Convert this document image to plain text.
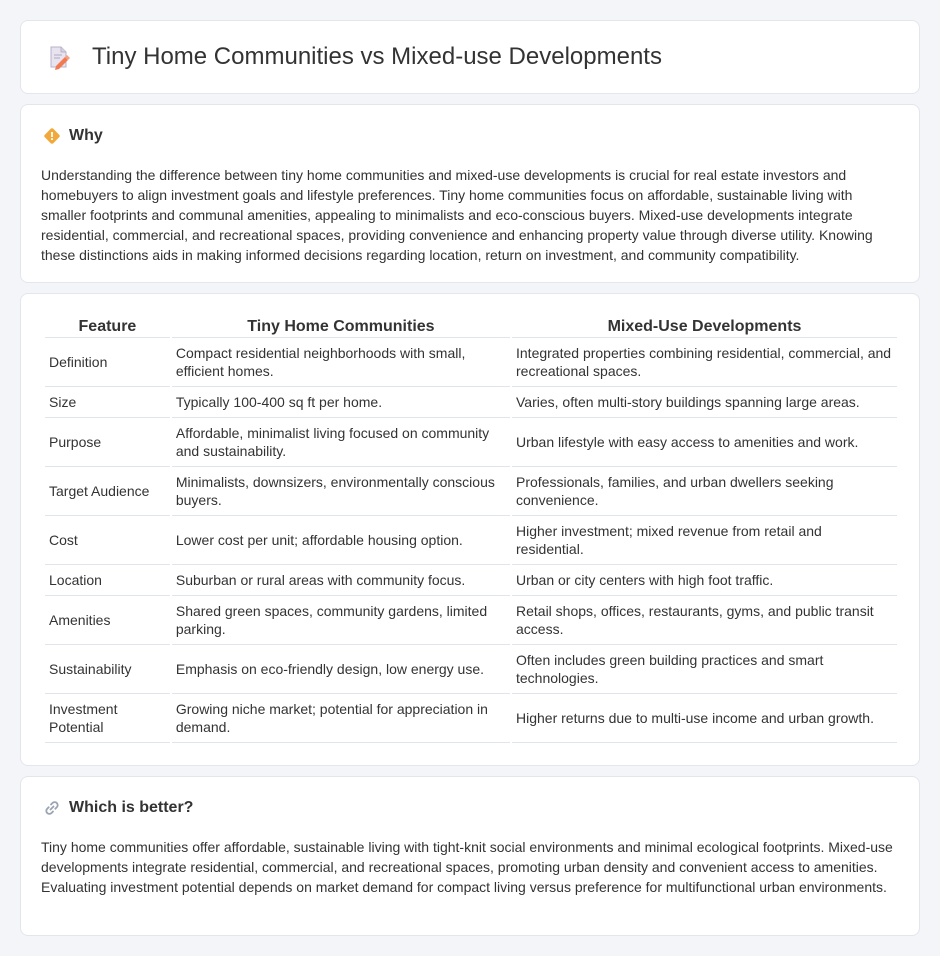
Tiny Home Communities vs Mixed-use Developments
Why

Understanding the difference between tiny home communities and mixed-use developments is crucial for real estate investors and homebuyers to align investment goals and lifestyle preferences. Tiny home communities focus on affordable, sustainable living with smaller footprints and communal amenities, appealing to minimalists and eco-conscious buyers. Mixed-use developments integrate residential, commercial, and recreational spaces, providing convenience and enhancing property value through diverse utility. Knowing these distinctions aids in making informed decisions regarding location, return on investment, and community compatibility.

Feature	Tiny Home Communities	Mixed-Use Developments
Definition	Compact residential neighborhoods with small, efficient homes.	Integrated properties combining residential, commercial, and recreational spaces.
Size	Typically 100-400 sq ft per home.	Varies, often multi-story buildings spanning large areas.
Purpose	Affordable, minimalist living focused on community and sustainability.	Urban lifestyle with easy access to amenities and work.
Target Audience	Minimalists, downsizers, environmentally conscious buyers.	Professionals, families, and urban dwellers seeking convenience.
Cost	Lower cost per unit; affordable housing option.	Higher investment; mixed revenue from retail and residential.
Location	Suburban or rural areas with community focus.	Urban or city centers with high foot traffic.
Amenities	Shared green spaces, community gardens, limited parking.	Retail shops, offices, restaurants, gyms, and public transit access.
Sustainability	Emphasis on eco-friendly design, low energy use.	Often includes green building practices and smart technologies.
Investment Potential	Growing niche market; potential for appreciation in demand.	Higher returns due to multi-use income and urban growth.
Which is better?

Tiny home communities offer affordable, sustainable living with tight-knit social environments and minimal ecological footprints. Mixed-use developments integrate residential, commercial, and recreational spaces, promoting urban density and convenient access to amenities. Evaluating investment potential depends on market demand for compact living versus preference for multifunctional urban environments.
